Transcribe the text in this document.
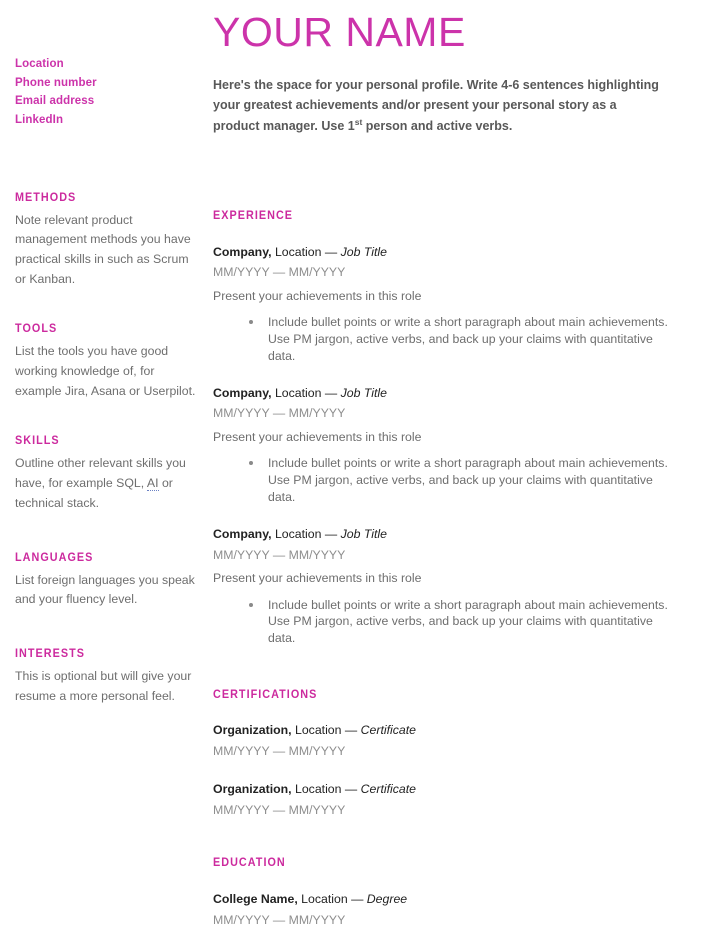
Location
Phone number
Email address
LinkedIn
METHODS

Note relevant product management methods you have practical skills in such as Scrum or Kanban.

TOOLS

List the tools you have good working knowledge of, for example Jira, Asana or Userpilot.

SKILLS

Outline other relevant skills you have, for example SQL, AI or technical stack.

LANGUAGES

List foreign languages you speak and your fluency level.

INTERESTS

This is optional but will give your resume a more personal feel.

YOUR NAME

Here's the space for your personal profile. Write 4-6 sentences highlighting your greatest achievements and/or present your personal story as a product manager. Use 1st person and active verbs.

EXPERIENCE

Company, Location — Job Title

MM/YYYY — MM/YYYY

Present your achievements in this role

Include bullet points or write a short paragraph about main achievements. Use PM jargon, active verbs, and back up your claims with quantitative data.

Company, Location — Job Title

MM/YYYY — MM/YYYY

Present your achievements in this role

Include bullet points or write a short paragraph about main achievements. Use PM jargon, active verbs, and back up your claims with quantitative data.

Company, Location — Job Title

MM/YYYY — MM/YYYY

Present your achievements in this role

Include bullet points or write a short paragraph about main achievements. Use PM jargon, active verbs, and back up your claims with quantitative data.
CERTIFICATIONS

Organization, Location — Certificate

MM/YYYY — MM/YYYY

Organization, Location — Certificate

MM/YYYY — MM/YYYY

EDUCATION

College Name, Location — Degree

MM/YYYY — MM/YYYY
